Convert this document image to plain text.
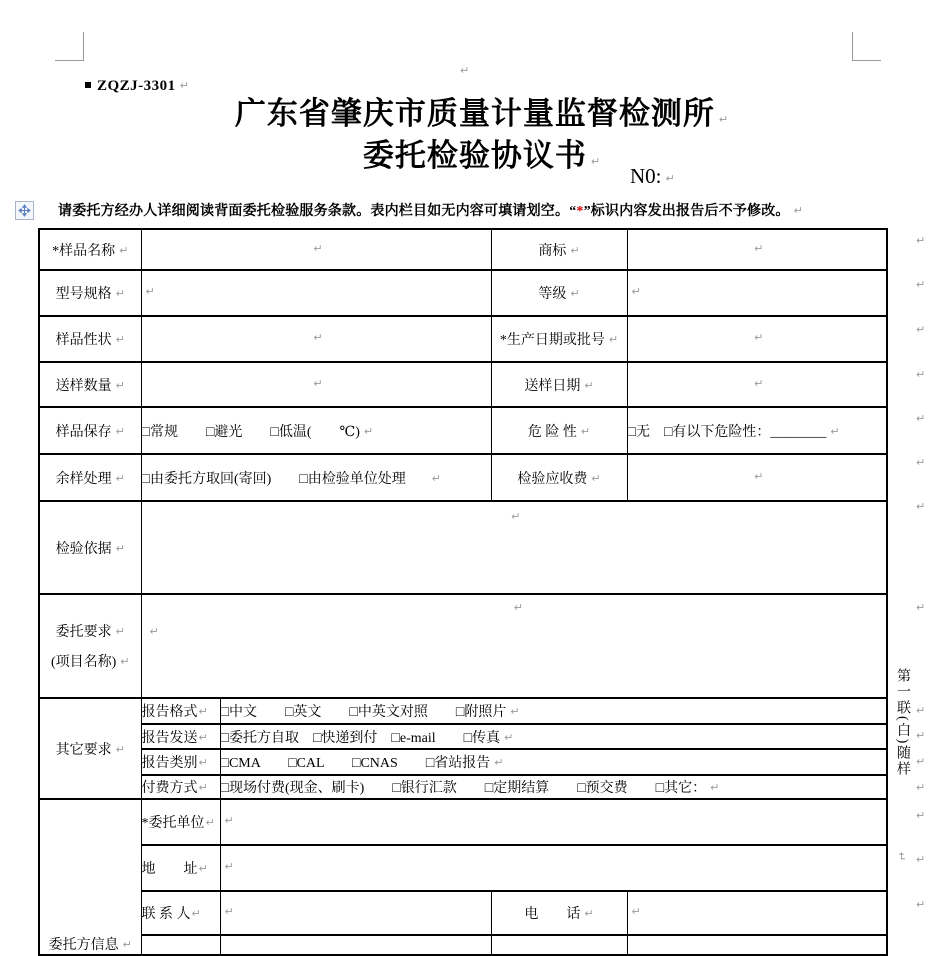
↵
ZQZJ-3301 ↵
广东省肇庆市质量计量监督检测所 ↵
委托检验协议书 ↵
N0: ↵
请委托方经办人详细阅读背面委托检验服务条款。表内栏目如无内容可填请划空。“*”标识内容发出报告后不予修改。 ↵
第一联(白)随样
↵
↵
↵
↵
↵
↵
↵
↵
↵
↵
↵
↵
↵
↵
↵
↵
*样品名称 ↵	↵		商标 ↵	↵
型号规格 ↵	↵		等级 ↵	↵
样品性状 ↵	↵		*生产日期或批号 ↵	↵
送样数量 ↵	↵		送样日期 ↵	↵
样品保存 ↵	□常规　　□避光　　□低温(　　℃) ↵		危 险 性 ↵	□无　□有以下危险性：________ ↵
余样处理 ↵	□由委托方取回(寄回)　　□由检验单位处理 ↵		检验应收费 ↵	↵
检验依据 ↵	↵			

委托要求 ↵
(项目名称) ↵

↵
↵

其它要求 ↵	报告格式↵	□中文　　□英文　　□中英文对照　　□附照片 ↵		
	报告发送↵	□委托方自取　□快递到付　□e-mail　　□传真 ↵		
	报告类别↵	□CMA　　□CAL　　□CNAS　　□省站报告 ↵		
	付费方式↵	□现场付费(现金、刷卡)　　□银行汇款　　□定期结算　　□预交费　　□其它： ↵		
委托方信息 ↵	*委托单位↵	↵		
	地　　址↵	↵		
	联 系 人↵	↵	电　　话 ↵	↵
